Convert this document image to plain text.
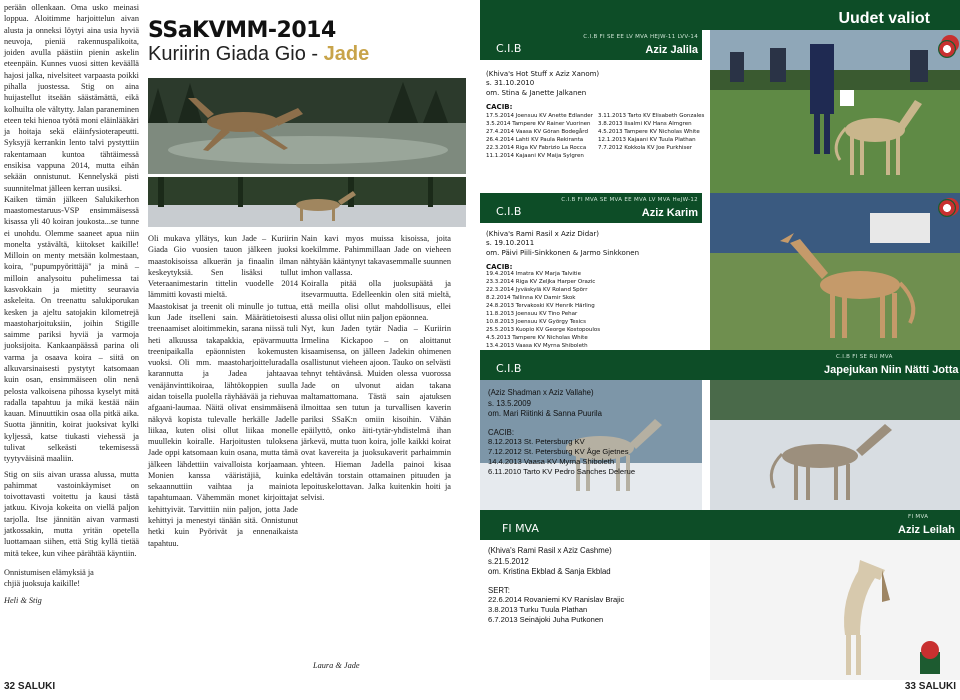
perään ollenkaan. Oma usko meinasi loppua. Aloitimme harjoittelun aivan alusta ja onneksi löytyi aina usia hyviä neuvoja, pieniä rakennuspalikoita, joiden avulla päästiin pienin askelin eteenpäin. Kunnes vuosi sitten keväällä hajosi jalka, nivelsiteet varpaasta poikki pihalla juostessa. Stig on aina huijastellut itseään säästämättä, eikä kolhuilta ole vältytty. Jalan paraneminen eteen teki hienoa työtä moni eläinlääkäri ja hoitaja sekä eläinfysioterapeutti. Syksyjä kerrankin lento talvi pystyttiin rakentamaan kuntoa tähtäimessä ensikisa vappuna 2014, mutta eihän sekään onnistunut. Kennelyskä pisti suunnitelmat jälleen kerran uusiksi.

Kaiken tämän jälkeen Salukikerhon maastomestaruus-VSP ensimmäisessä kisassa yli 40 koiran joukosta...se tunne ei unohdu. Olemme saaneet apua niin monelta ystävältä, kiitokset kaikille! Milloin on menty metsään kolmestaan, koira, "pupumpyörittäjä" ja minä – milloin analysoitu puhelimessa tai kasvokkain ja mietitty seuraavia askeleita. On treenattu salukiporukan kesken ja ajeltu satojakin kilometrejä maastoharjoituksiin, joihin Stigille saimme pariksi hyviä ja varmoja juoksijoita. Kankaanpäässä parina oli varma ja osaava koira – siitä on alkuvarsinaisesti pystytyt katsomaan kuin osan, ensimmäiseen olin nenä pelosta valkoisena pihossa kyselyt mitä radalla tapahtuu ja mikä kestää näin kauan. Minuuttikin osaa olla pitkä aika. Suotta jännitin, koirat juoksivat kylki kyljessä, katse tiukasti viehessä ja tulivat selkeästi tekemisessä tyytyväisinä maaliin.

Stig on siis aivan urassa alussa, mutta pahimmat vastoinkäymiset on toivottavasti voitettu ja kausi tästä jatkuu. Kivoja kokeita on viellä paljon tarjolla. Itse jännitän aivan varmasti jatkossakin, mutta yritän opetella luottamaan siihen, että Stig kyllä tietää mitä tekee, kun vihee pärähtää käyntiin.

Onnistumisen elämyksiä ja
chjiä juoksuja kaikille!

Heli & Stig

SSaKVMM-2014
Kuriirin Giada Gio - Jade

Oli mukava yllätys, kun Jade – Kuriirin Giada Gio vuosien tauon jälkeen juoksi maastokisoissa alkuerän ja finaalin ilman keskeytyksiä. Sen lisäksi tullut Veteraanimestarin tittelin vuodelle 2014 lämmitti kovasti mieltä.
Maastokisat ja treenit oli minulle jo tuttua, kun Jade itselleni sain. Määrätietoisesti treenaamiset aloitimmekin, sarana niissä tuli heti alkuussa takapakkia, epävarmuutta treenipaikalla epäonnisten kokemusten vuoksi. Oli mm. maastoharjoitteluradalla karannutta ja Jadea jahtaavaa venäjänvinttikoiraa, lähtökoppien suulla aidan toisella puolella räyhäävää ja riehuvaa afgaani-laumaa. Näitä olivat ensimmäisenä näkyvä kopista tulevalle herkälle Jadelle liikaa, kuten olisi ollut liikaa monelle muullekin koiralle. Harjoitusten tuloksena Jade oppi katsomaan kuin osana, mutta tämä jälkeen lähdettiin vaivalloista korjaamaan. Monien kanssa vääristäjiä, kuinka sekaannuttiin vaihtaa ja mainiota tapahtumaan. Vähemmän monet kirjoittajat kehittyivät. Tarvittiin niin paljon, jotta Jade kehittyi ja menestyi tänään sitä. Onnistunut hetki kuin Pyörivät ja ennenaikaista tapahtuu.

Nain kavi myos muissa kisoissa, joita koekilmme. Pahimmillaan Jade on vieheen nähtyään kääntynyt takavasemmalle suunnen imhon vallassa.
Koiralla pitää olla juoksupäätä ja itsevarmuutta. Edelleenkin olen sitä mieltä, että meilla olisi ollut mahdollisuus, ellei alussa olisi ollut niin paljon epäonnea.
Nyt, kun Jaden tytär Nadia – Kuriirin Irmelina Kickapoo – on aloittanut kisaamisensa, on jälleen Jadekin ohimenen osallistunut vieheen ajoon. Tauko on selvästi tehnyt tehtävänsä. Muiden olessa vuorossa Jade on ulvonut aidan takana maltamattomana. Tästä sain ajatuksen ilmoittaa sen tutun ja turvallisen kaverin pariksi SSaK:n omiin kisoihin. Vähän epäilyttö, onko äiti-tytär-yhdistelmä ihan järkevä, mutta tuon koira, jolle kaikki koirat ovat kavereita ja juoksukaverit parhaimmin yhteen. Hieman Jadella painoi kisaa edeltävän torstain ottamainen pituuden ja lepoituskelottavan. Jalka kuitenkin hoiti ja selvisi.

Laura & Jade
32 SALUKI
Uudet valiot
C.I.B FI SE EE LV MVA HEJW-11 LVV-14
C.I.B	Aziz Jalila
(Khiva's Hot Stuff x Aziz Xanom)
s. 31.10.2010
om. Stina & Janette Jalkanen
CACIB:
17.5.2014 Joensuu KV Anette Edlander
3.5.2014 Tampere KV Rainer Vuorinen
27.4.2014 Vaasa KV Göran Bodegård
26.4.2014 Lahti KV Paula Rekiranta
22.3.2014 Riga KV Fabrizio La Rocca
11.1.2014 Kajaani KV Maija Sylgren
3.11.2013 Tarto KV Elisabeth Gonzales
3.8.2013 Iisalmi KV Hans Almgren
4.5.2013 Tampere KV Nicholas White
12.1.2013 Kajaani KV Tuula Plathan
7.7.2012 Kokkola KV Joe Purkhiser
C.I.B FI MVA SE MVA EE MVA LV MVA HeJW-12
C.I.B	Aziz Karim
(Khiva's Rami Rasil x Aziz Didar)
s. 19.10.2011
om. Päivi Piili-Sinkkonen & Jarmo Sinkkonen
CACIB:
19.4.2014 Imatra KV Marja Talvitie
23.3.2014 Riga KV Zeljka Harper Orazic
22.3.2014 Jyväskylä KV Roland Spörr
8.2.2014 Tallinna KV Damir Skok
24.8.2013 Tervakoski KV Henrik Härling
11.8.2013 Joensuu KV Tino Pehar
10.8.2013 Joensuu KV György Tesics
25.5.2013 Kuopio KV George Kostopoulos
4.5.2013 Tampere KV Nicholas White
13.4.2013 Vaasa KV Myrna Shiboleth
C.I.B
C.I.B FI SE RU MVA
Japejukan Niin Nätti Jotta
(Aziz Shadman x Aziz Vallahe)
s. 13.5.2009
om. Mari Riitinki & Sanna Puurila
CACIB:
8.12.2013 St. Petersburg KV
7.12.2012 St. Petersburg KV Åge Gjetnes
14.4.2013 Vaasa KV Myrna Shiboleth
6.11.2010 Tarto KV Pedro Sanches Delerue
FI MVA
FI MVA
Aziz Leilah
(Khiva's Rami Rasil x Aziz Cashme)
s.21.5.2012
om. Kristina Ekblad & Sanja Ekblad
SERT:
22.6.2014 Rovaniemi KV Ranislav Brajic
3.8.2013 Turku Tuula Plathan
6.7.2013 Seinäjoki Juha Putkonen
33 SALUKI
